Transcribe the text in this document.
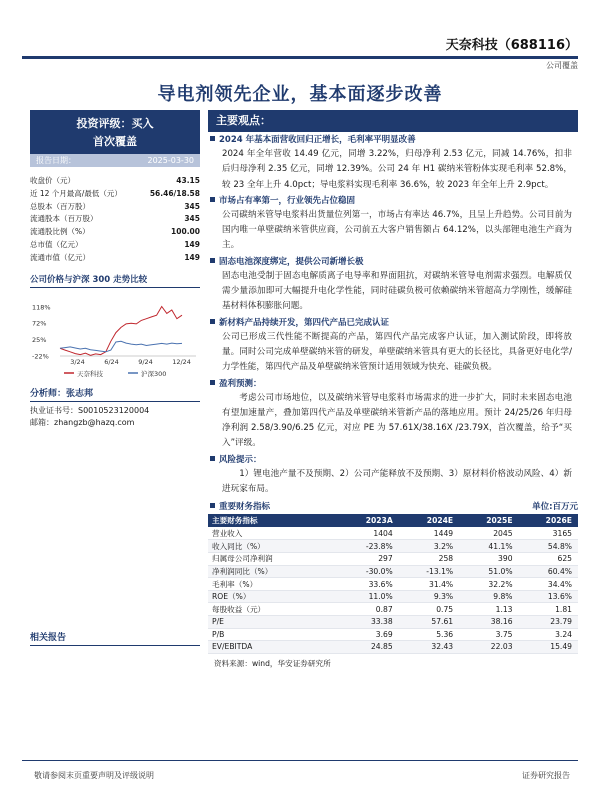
天奈科技（688116）
公司覆盖
导电剂领先企业，基本面逐步改善
投资评级：买入
首次覆盖
报告日期：	2025-03-30
收盘价（元）	43.15
近 12 个月最高/最低（元）	56.46/18.58
总股本（百万股）	345
流通股本（百万股）	345
流通股比例（%）	100.00
总市值（亿元）	149
流通市值（亿元）	149
公司价格与沪深 300 走势比较
118%
72%
25%
-22%
3/24	6/24	9/24	12/24
天奈科技	沪深300
分析师：张志邦
执业证书号：S0010523120004
邮箱：zhangzb@hazq.com
相关报告
主要观点：
2024 年基本面营收回归正增长，毛利率平明显改善
2024 年全年营收 14.49 亿元，同增 3.22%，归母净利 2.53 亿元，同减 14.76%，扣非后归母净利 2.35 亿元，同增 12.39%。公司 24 年 H1 碳纳米管粉体实现毛利率 52.8%，较 23 全年上升 4.0pct；导电浆料实现毛利率 36.6%，较 2023 年全年上升 2.9pct。
市场占有率第一，行业领先占位稳固
公司碳纳米管导电浆料出货量位列第一，市场占有率达 46.7%，且呈上升趋势。公司目前为国内唯一单壁碳纳米管供应商，公司前五大客户销售额占 64.12%，以头部锂电池生产商为主。
固态电池深度绑定，提供公司新增长极
固态电池受制于固态电解质离子电导率和界面阻抗，对碳纳米管导电剂需求强烈。电解质仅需少量添加即可大幅提升电化学性能，同时硅碳负极可依赖碳纳米管超高力学刚性，缓解硅基材料体积膨胀问题。
新材料产品持续开发，第四代产品已完成认证
公司已形成三代性能不断提高的产品，第四代产品完成客户认证，加入测试阶段，即将放量。同时公司完成单壁碳纳米管的研发，单壁碳纳米管具有更大的长径比，具备更好电化学/力学性能，第四代产品及单壁碳纳米管预计适用领域为快充、硅碳负极。
盈利预测：
考虑公司市场地位，以及碳纳米管导电浆料市场需求的进一步扩大，同时未来固态电池有望加速量产，叠加第四代产品及单壁碳纳米管新产品的落地应用。预计 24/25/26 年归母净利润 2.58/3.90/6.25 亿元，对应 PE 为 57.61X/38.16X /23.79X，首次覆盖，给予“买入”评级。
风险提示：
1）锂电池产量不及预期、2）公司产能释放不及预期、3）原材料价格波动风险、4）新进玩家布局。
重要财务指标	单位:百万元
主要财务指标	2023A	2024E	2025E	2026E
营业收入	1404	1449	2045	3165
收入同比（%）	-23.8%	3.2%	41.1%	54.8%
归属母公司净利润	297	258	390	625
净利润同比（%）	-30.0%	-13.1%	51.0%	60.4%
毛利率（%）	33.6%	31.4%	32.2%	34.4%
ROE（%）	11.0%	9.3%	9.8%	13.6%
每股收益（元）	0.87	0.75	1.13	1.81
P/E	33.38	57.61	38.16	23.79
P/B	3.69	5.36	3.75	3.24
EV/EBITDA	24.85	32.43	22.03	15.49
资料来源：wind，华安证券研究所
敬请参阅末页重要声明及评级说明	证券研究报告
